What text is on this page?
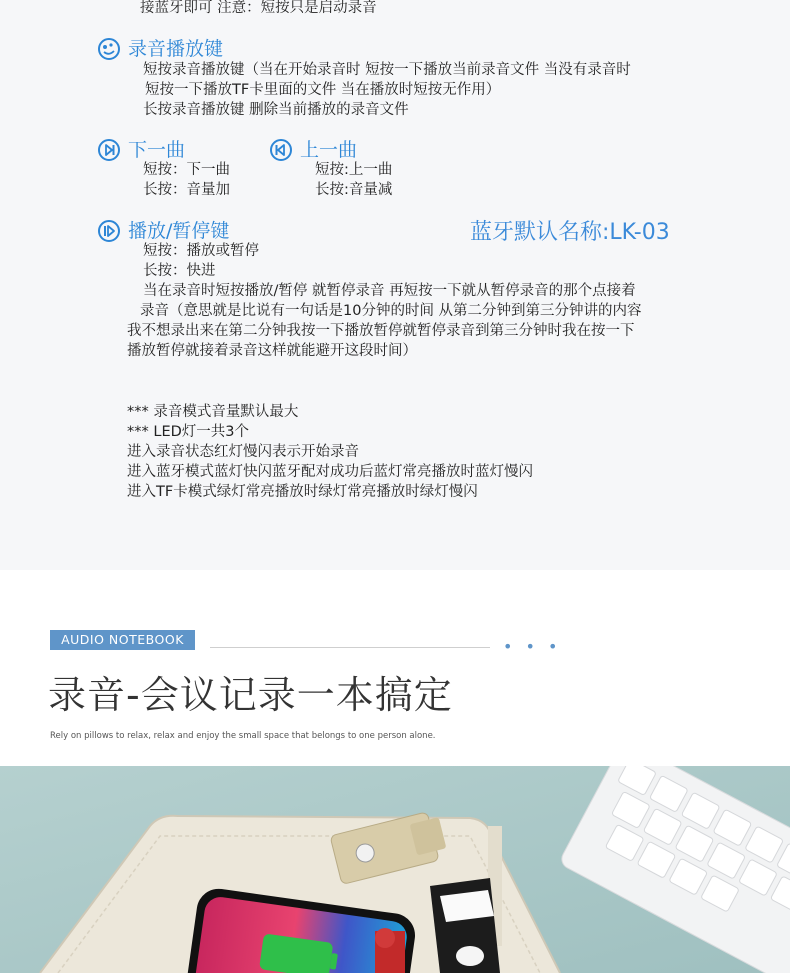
接蓝牙即可 注意：短按只是启动录音
录音播放键
短按录音播放键（当在开始录音时 短按一下播放当前录音文件 当没有录音时
短按一下播放TF卡里面的文件 当在播放时短按无作用）
长按录音播放键 删除当前播放的录音文件
下一曲
短按：下一曲
长按：音量加
上一曲
短按:上一曲
长按:音量减
播放/暂停键	蓝牙默认名称:LK-03
短按：播放或暂停
长按：快进
当在录音时短按播放/暂停 就暂停录音 再短按一下就从暂停录音的那个点接着
录音（意思就是比说有一句话是10分钟的时间 从第二分钟到第三分钟讲的内容
我不想录出来在第二分钟我按一下播放暂停就暂停录音到第三分钟时我在按一下
播放暂停就接着录音这样就能避开这段时间）
*** 录音模式音量默认最大
*** LED灯一共3个
进入录音状态红灯慢闪表示开始录音
进入蓝牙模式蓝灯快闪蓝牙配对成功后蓝灯常亮播放时蓝灯慢闪
进入TF卡模式绿灯常亮播放时绿灯常亮播放时绿灯慢闪
AUDIO NOTEBOOK	• • •
录音-会议记录一本搞定
Rely on pillows to relax, relax and enjoy the small space that belongs to one person alone.
